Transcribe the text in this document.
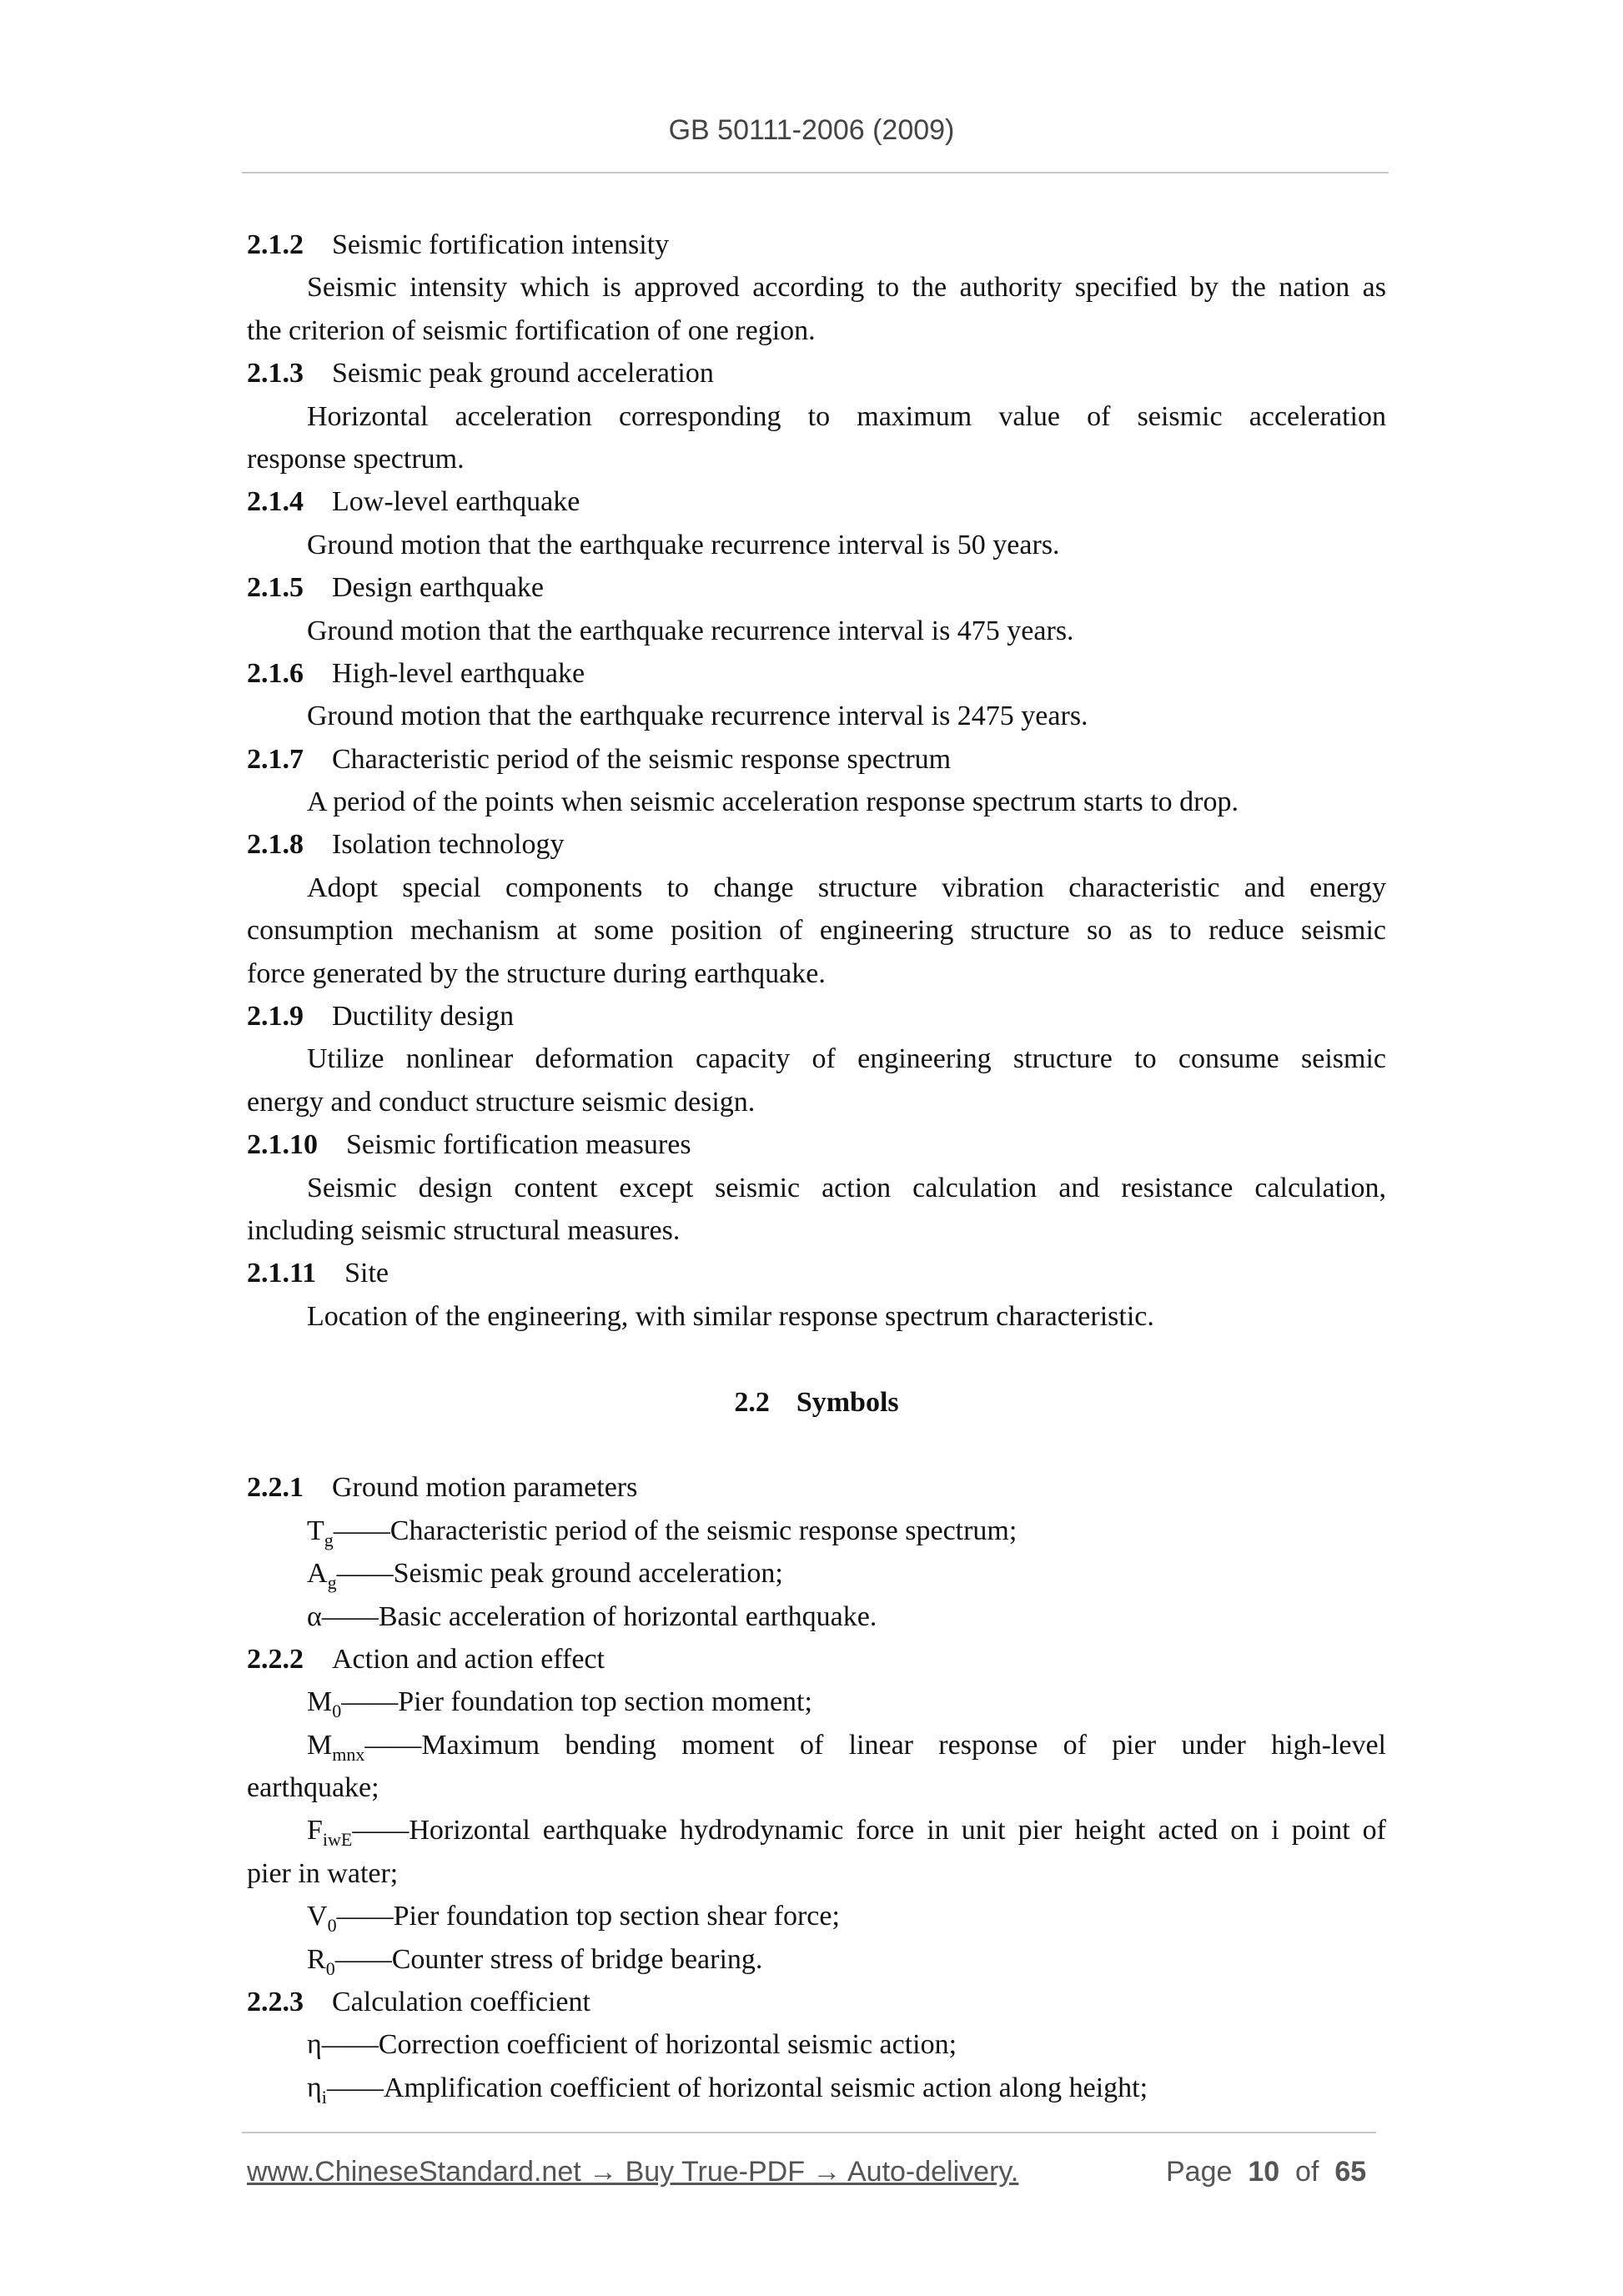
GB 50111-2006 (2009)
2.1.2 Seismic fortification intensity
Seismic intensity which is approved according to the authority specified by the nation as
the criterion of seismic fortification of one region.
2.1.3 Seismic peak ground acceleration
Horizontal acceleration corresponding to maximum value of seismic acceleration
response spectrum.
2.1.4 Low-level earthquake
Ground motion that the earthquake recurrence interval is 50 years.
2.1.5 Design earthquake
Ground motion that the earthquake recurrence interval is 475 years.
2.1.6 High-level earthquake
Ground motion that the earthquake recurrence interval is 2475 years.
2.1.7 Characteristic period of the seismic response spectrum
A period of the points when seismic acceleration response spectrum starts to drop.
2.1.8 Isolation technology
Adopt special components to change structure vibration characteristic and energy
consumption mechanism at some position of engineering structure so as to reduce seismic
force generated by the structure during earthquake.
2.1.9 Ductility design
Utilize nonlinear deformation capacity of engineering structure to consume seismic
energy and conduct structure seismic design.
2.1.10 Seismic fortification measures
Seismic design content except seismic action calculation and resistance calculation,
including seismic structural measures.
2.1.11 Site
Location of the engineering, with similar response spectrum characteristic.
2.2 Symbols
2.2.1 Ground motion parameters
$T_g——Characteristic$ period of the seismic response spectrum;
$A_g——Seismic$ peak ground acceleration;
α——Basic acceleration of horizontal earthquake.
2.2.2 Action and action effect
$M_0——Pier$ foundation top section moment;
$M_{mnx}——Maximum$ bending moment of linear response of pier under high-level
earthquake;
$F_{iwE}——Horizontal$ earthquake hydrodynamic force in unit pier height acted on i point of
pier in water;
$V_0——Pier$ foundation top section shear force;
$R_0——Counter$ stress of bridge bearing.
2.2.3 Calculation coefficient
η——Correction coefficient of horizontal seismic action;
$\eta_i——Amplification$ coefficient of horizontal seismic action along height;
www.ChineseStandard.net → Buy True-PDF → Auto-delivery.	Page 10 of 65
